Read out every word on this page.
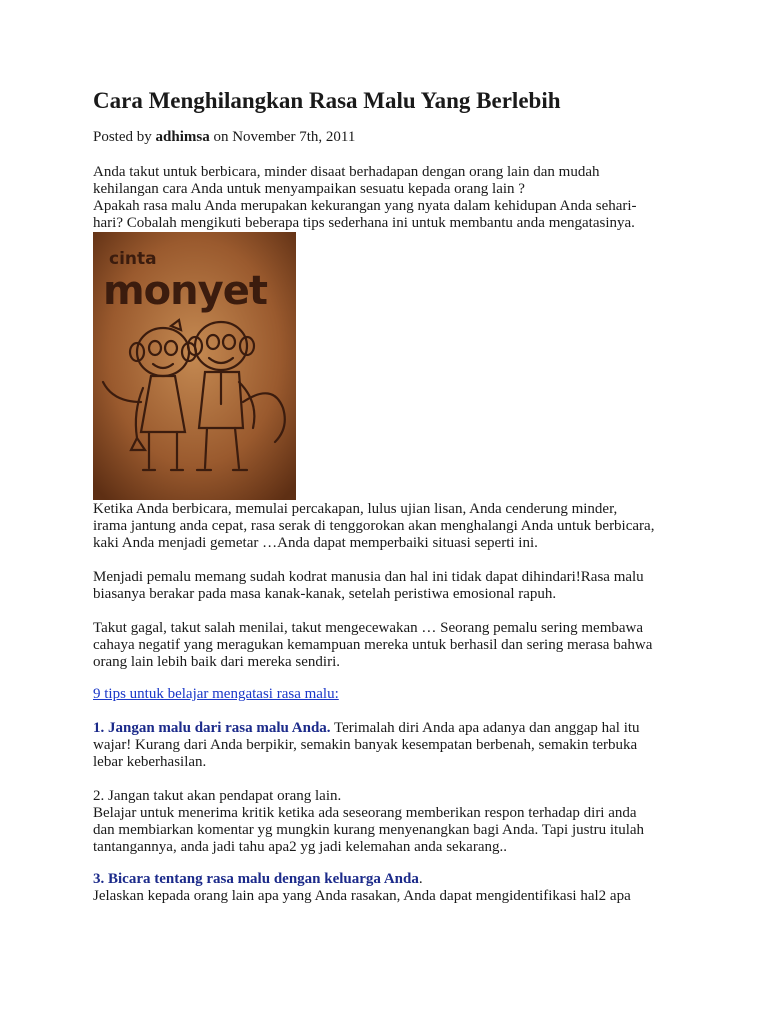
Cara Menghilangkan Rasa Malu Yang Berlebih
Posted by adhimsa on November 7th, 2011
Anda takut untuk berbicara, minder disaat berhadapan dengan orang lain dan mudah
kehilangan cara Anda untuk menyampaikan sesuatu kepada orang lain ?
Apakah rasa malu Anda merupakan kekurangan yang nyata dalam kehidupan Anda sehari-
hari? Cobalah mengikuti beberapa tips sederhana ini untuk membantu anda mengatasinya.
cinta
monyet
Ketika Anda berbicara, memulai percakapan, lulus ujian lisan, Anda cenderung minder,
irama jantung anda cepat, rasa serak di tenggorokan akan menghalangi Anda untuk berbicara,
kaki Anda menjadi gemetar …Anda dapat memperbaiki situasi seperti ini.
Menjadi pemalu memang sudah kodrat manusia dan hal ini tidak dapat dihindari!Rasa malu
biasanya berakar pada masa kanak-kanak, setelah peristiwa emosional rapuh.
Takut gagal, takut salah menilai, takut mengecewakan … Seorang pemalu sering membawa
cahaya negatif yang meragukan kemampuan mereka untuk berhasil dan sering merasa bahwa
orang lain lebih baik dari mereka sendiri.
9 tips untuk belajar mengatasi rasa malu:
1. Jangan malu dari rasa malu Anda. Terimalah diri Anda apa adanya dan anggap hal itu
wajar! Kurang dari Anda berpikir, semakin banyak kesempatan berbenah, semakin terbuka
lebar keberhasilan.
2. Jangan takut akan pendapat orang lain.
Belajar untuk menerima kritik ketika ada seseorang memberikan respon terhadap diri anda
dan membiarkan komentar yg mungkin kurang menyenangkan bagi Anda. Tapi justru itulah
tantangannya, anda jadi tahu apa2 yg jadi kelemahan anda sekarang..
3. Bicara tentang rasa malu dengan keluarga Anda.
Jelaskan kepada orang lain apa yang Anda rasakan, Anda dapat mengidentifikasi hal2 apa
